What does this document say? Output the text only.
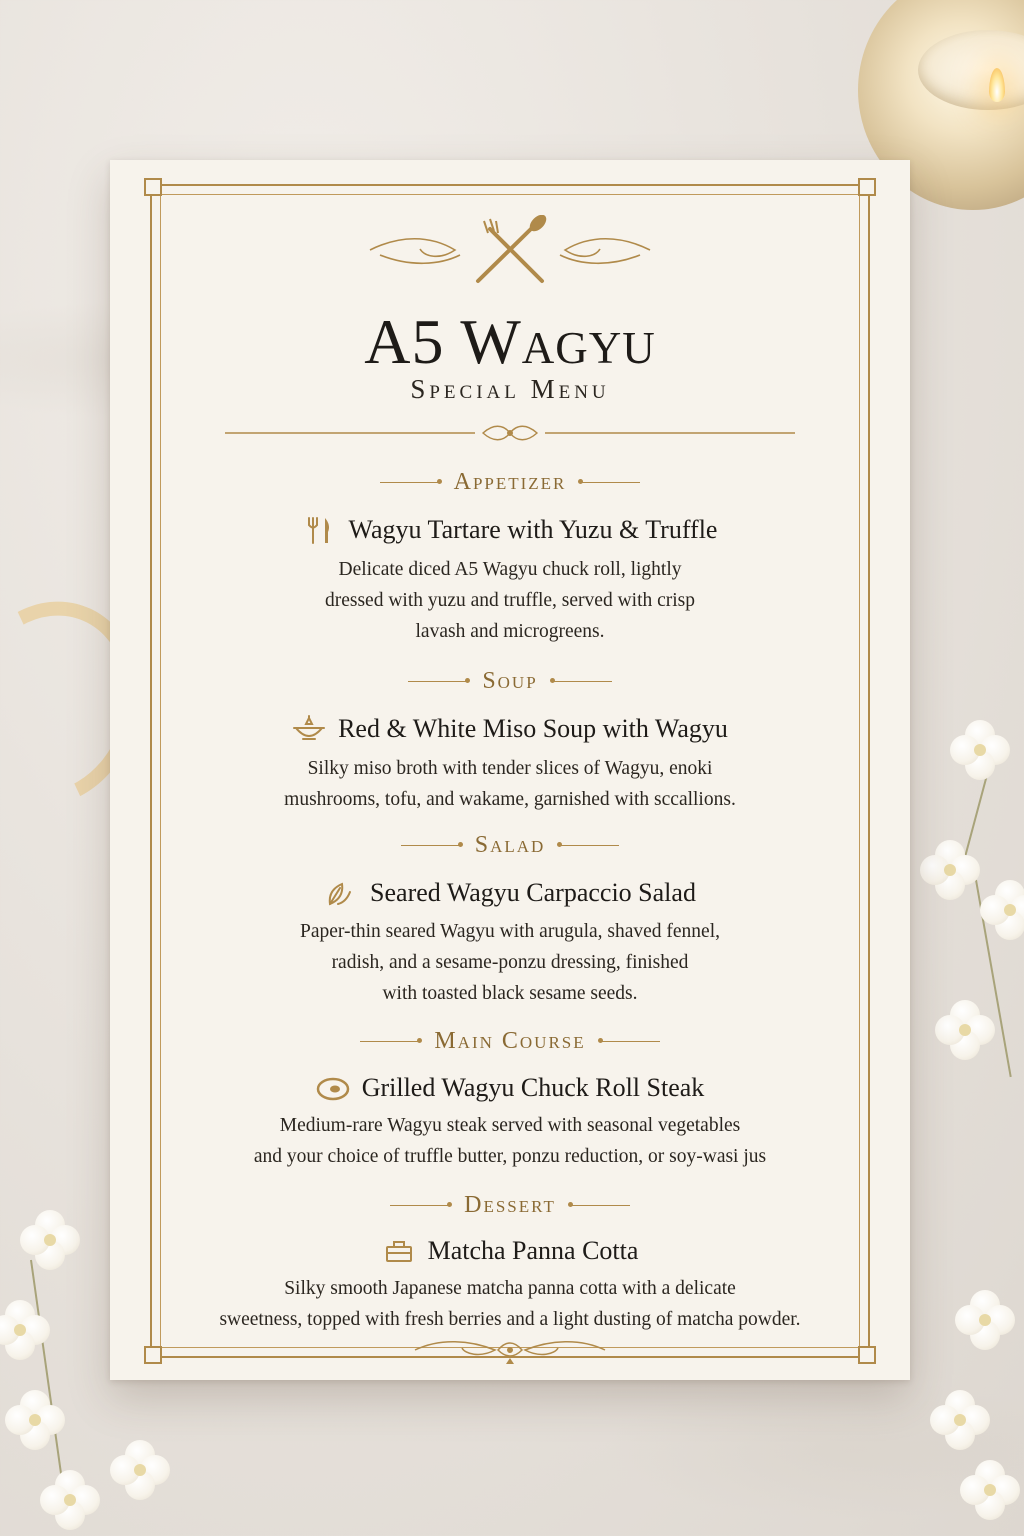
A5 Wagyu
Special Menu
Appetizer
Wagyu Tartare with Yuzu & Truffle
Delicate diced A5 Wagyu chuck roll, lightly
dressed with yuzu and truffle, served with crisp
lavash and microgreens.
Soup
Red & White Miso Soup with Wagyu
Silky miso broth with tender slices of Wagyu, enoki
mushrooms, tofu, and wakame, garnished with sccallions.
Salad
Seared Wagyu Carpaccio Salad
Paper-thin seared Wagyu with arugula, shaved fennel,
radish, and a sesame-ponzu dressing, finished
with toasted black sesame seeds.
Main Course
Grilled Wagyu Chuck Roll Steak
Medium-rare Wagyu steak served with seasonal vegetables
and your choice of truffle butter, ponzu reduction, or soy-wasi jus
Dessert
Matcha Panna Cotta
Silky smooth Japanese matcha panna cotta with a delicate
sweetness, topped with fresh berries and a light dusting of matcha powder.
